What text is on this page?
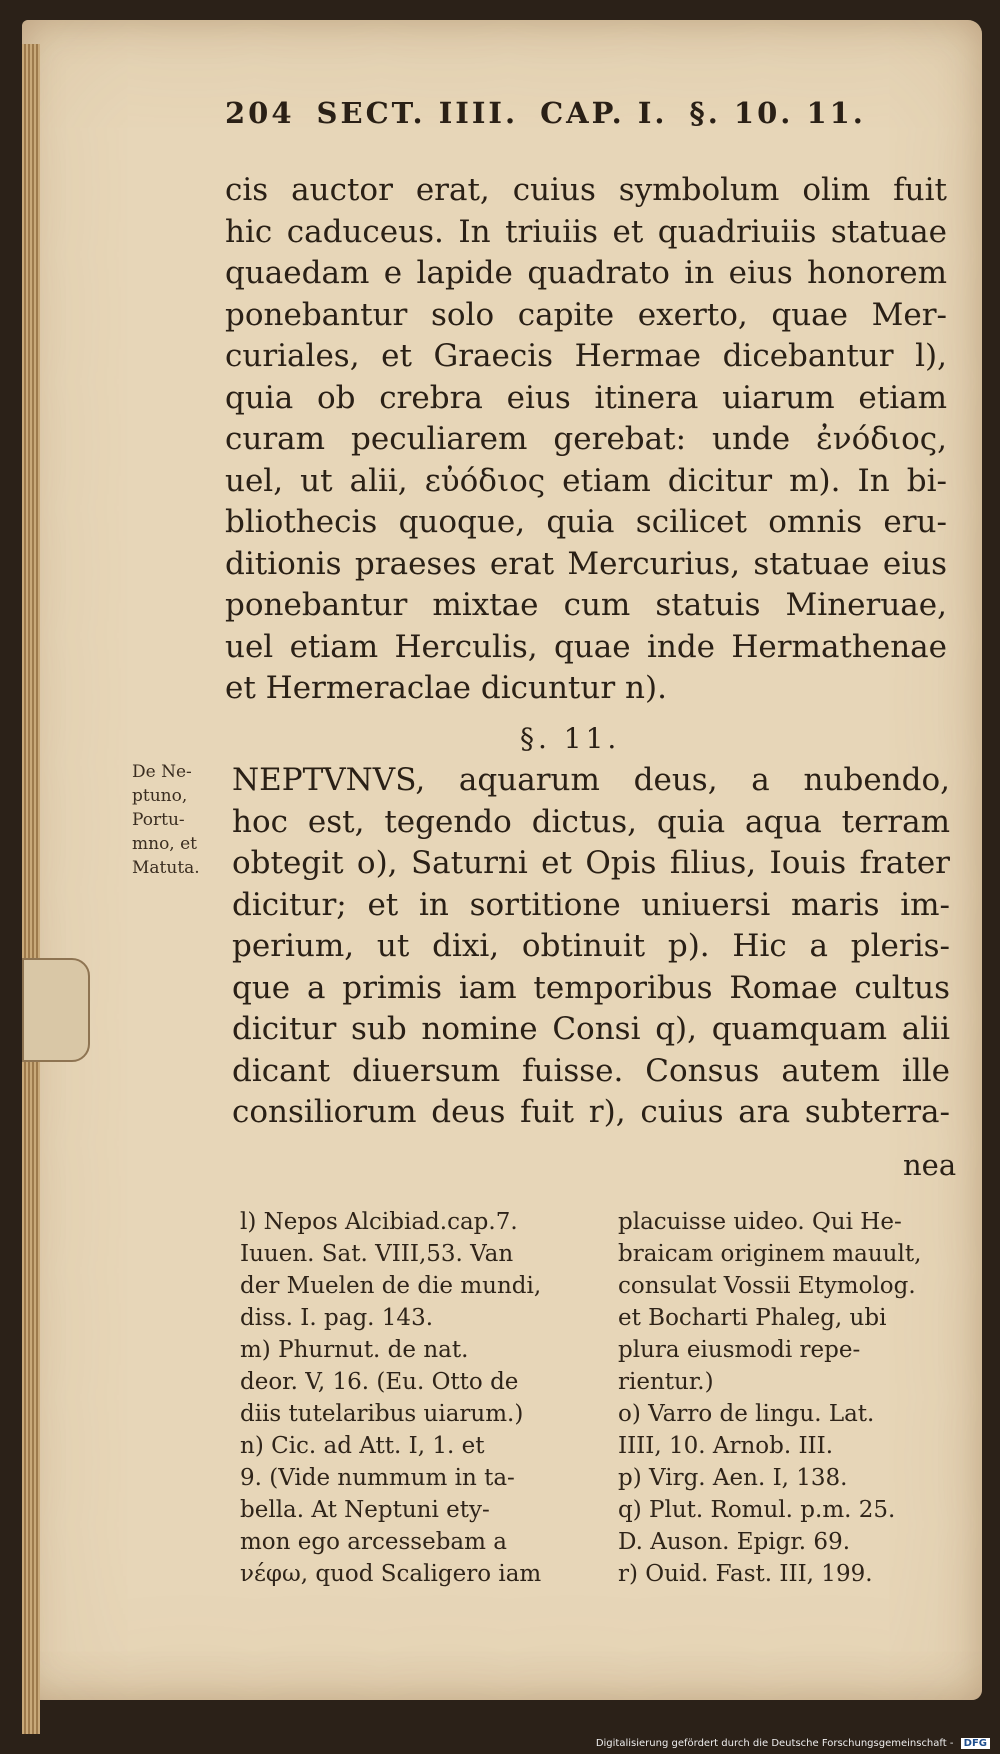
204 SECT. IIII. CAP. I. §. 10. 11.
cis auctor erat, cuius symbolum olim fuit
hic caduceus. In triuiis et quadriuiis statuae
quaedam e lapide quadrato in eius honorem
ponebantur solo capite exerto, quae Mer-
curiales, et Graecis Hermae dicebantur l),
quia ob crebra eius itinera uiarum etiam
curam peculiarem gerebat: unde ἐνόδιος,
uel, ut alii, εὐόδιος etiam dicitur m). In bi-
bliothecis quoque, quia scilicet omnis eru-
ditionis praeses erat Mercurius, statuae eius
ponebantur mixtae cum statuis Mineruae,
uel etiam Herculis, quae inde Hermathenae
et Hermeraclae dicuntur n).
§. 11.
De Ne-
ptuno,
Portu-
mno, et
Matuta.
NEPTVNVS, aquarum deus, a nubendo,
hoc est, tegendo dictus, quia aqua terram
obtegit o), Saturni et Opis filius, Iouis frater
dicitur; et in sortitione uniuersi maris im-
perium, ut dixi, obtinuit p). Hic a pleris-
que a primis iam temporibus Romae cultus
dicitur sub nomine Consi q), quamquam alii
dicant diuersum fuisse. Consus autem ille
consiliorum deus fuit r), cuius ara subterra-
nea
l) Nepos Alcibiad.cap.7.
Iuuen. Sat. VIII,53. Van
der Muelen de die mundi,
diss. I. pag. 143.
m) Phurnut. de nat.
deor. V, 16. (Eu. Otto de
diis tutelaribus uiarum.)
n) Cic. ad Att. I, 1. et
9. (Vide nummum in ta-
bella. At Neptuni ety-
mon ego arcessebam a
νέφω, quod Scaligero iam
placuisse uideo. Qui He-
braicam originem mauult,
consulat Vossii Etymolog.
et Bocharti Phaleg, ubi
plura eiusmodi repe-
rientur.)
o) Varro de lingu. Lat.
IIII, 10. Arnob. III.
p) Virg. Aen. I, 138.
q) Plut. Romul. p.m. 25.
D. Auson. Epigr. 69.
r) Ouid. Fast. III, 199.
Digitalisierung gefördert durch die Deutsche Forschungsgemeinschaft - DFG
